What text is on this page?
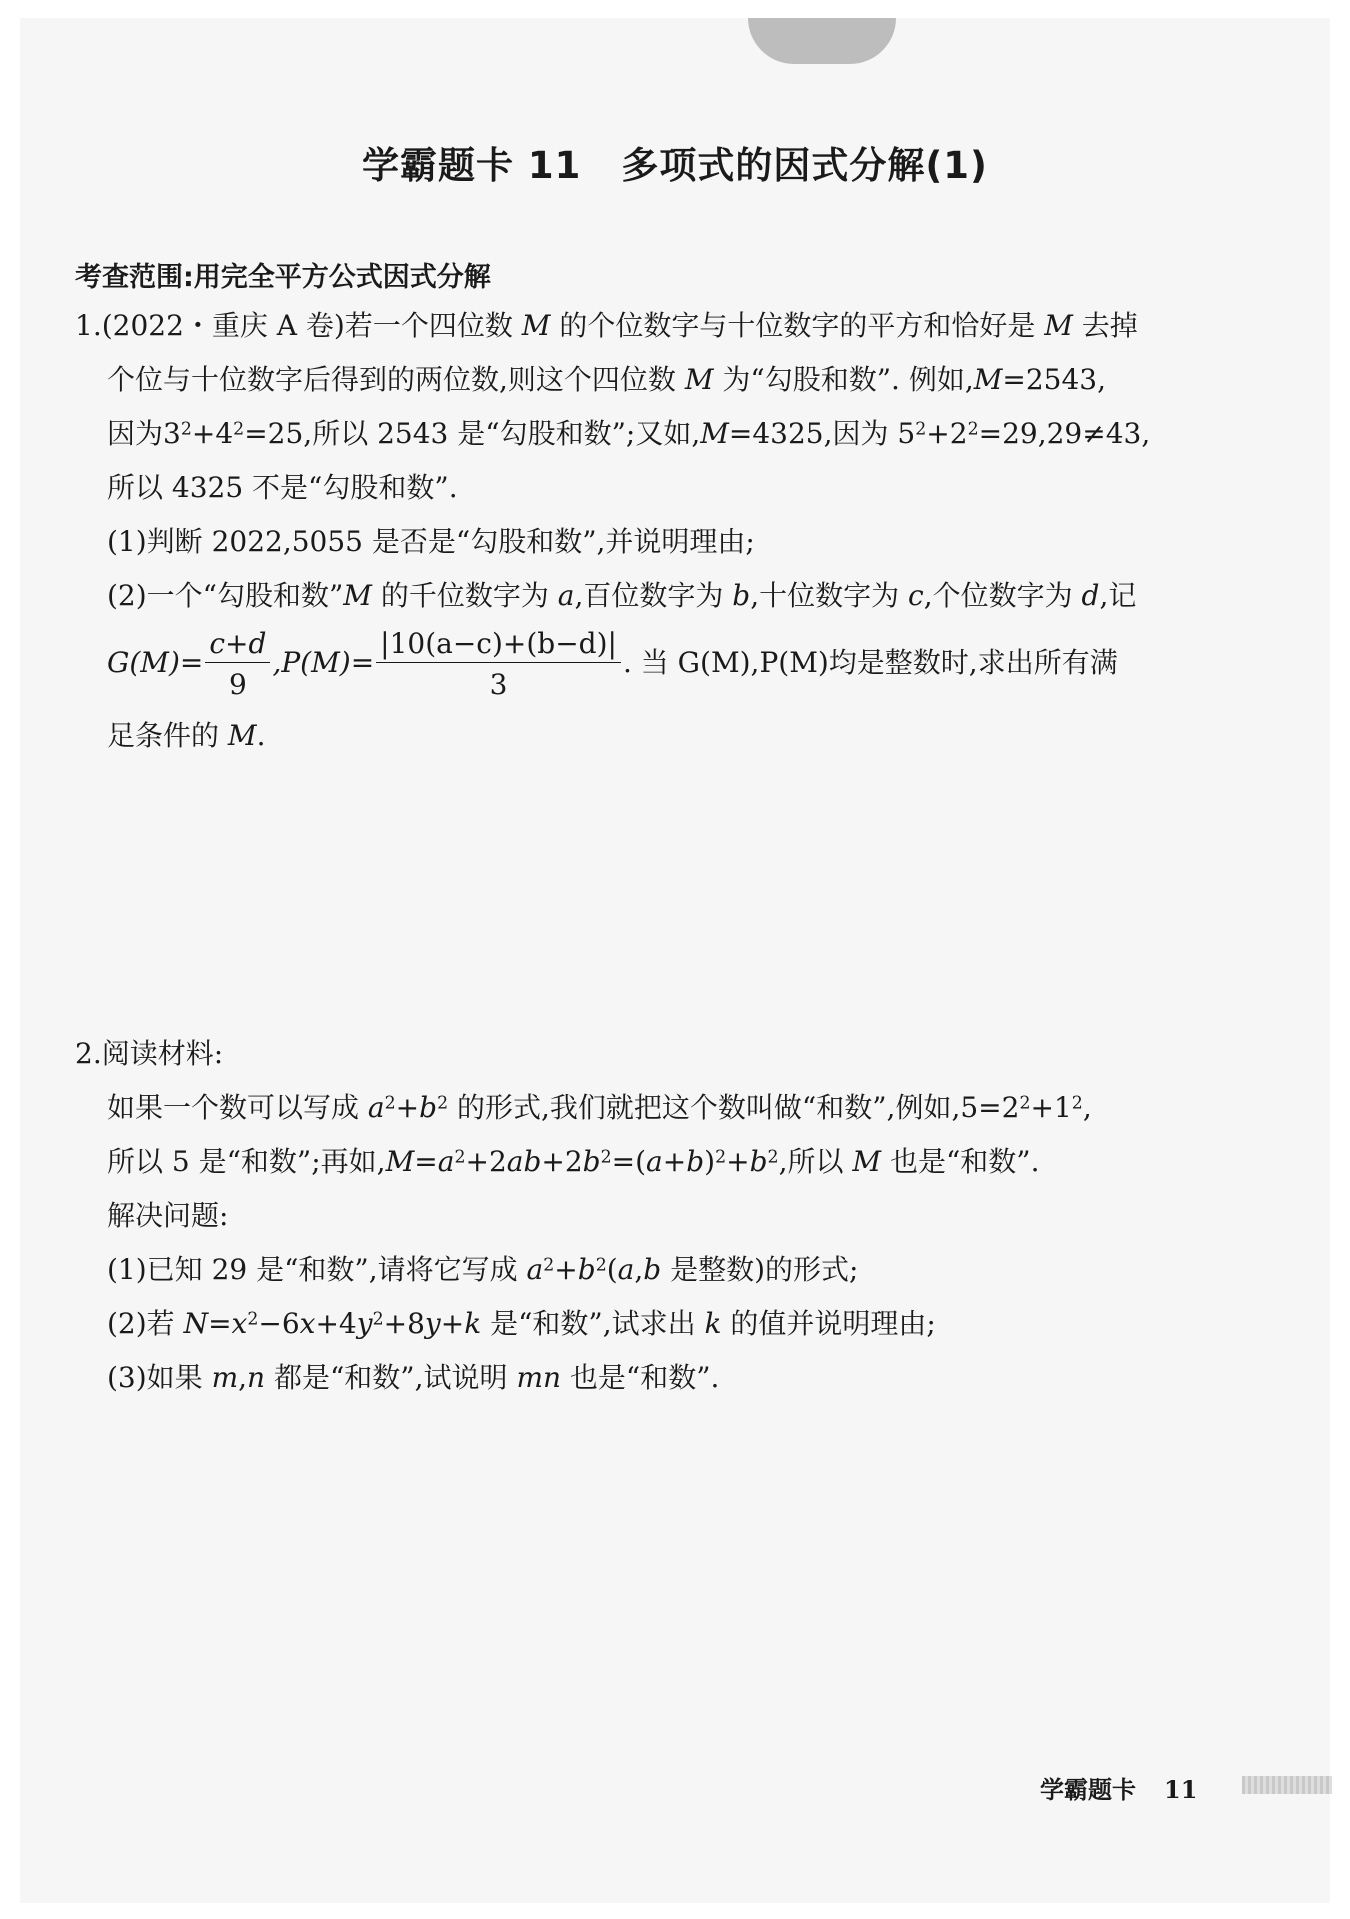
学霸题卡 11 多项式的因式分解(1)
考查范围:用完全平方公式因式分解
1.(2022・重庆 A 卷)若一个四位数 M 的个位数字与十位数字的平方和恰好是 M 去掉
个位与十位数字后得到的两位数,则这个四位数 M 为“勾股和数”. 例如,M=2543,
因为$3^2+4^2=25$,所以 2543 是“勾股和数”;又如,M=4325,因为 $5^2+2^2=29,29\ne 43$,
所以 4325 不是“勾股和数”.
(1)判断 2022,5055 是否是“勾股和数”,并说明理由;
(2)一个“勾股和数”M 的千位数字为 a,百位数字为 b,十位数字为 c,个位数字为 d,记
$G(M)= \frac{c+d}{9} ,P(M)= \frac{|10(a-c)+(b-d)|}{3}$ . 当 G(M),P(M)均是整数时,求出所有满
足条件的 M.
2.阅读材料:
如果一个数可以写成 $a^2+b^2$ 的形式,我们就把这个数叫做“和数”,例如$,5=2^2+1^2$,
所以 5 是“和数”;再如$,M=a^2+2ab+2b^2=(a+b)^2+b^2$,所以 M 也是“和数”.
解决问题:
(1)已知 29 是“和数”,请将它写成 $a^2+b^2(a,b$ 是整数)的形式;
(2)若 $N=x^2-6x+4y^2+8y+k$ 是“和数”,试求出 k 的值并说明理由;
(3)如果 m,n 都是“和数”,试说明 mn 也是“和数”.
学霸题卡 11
